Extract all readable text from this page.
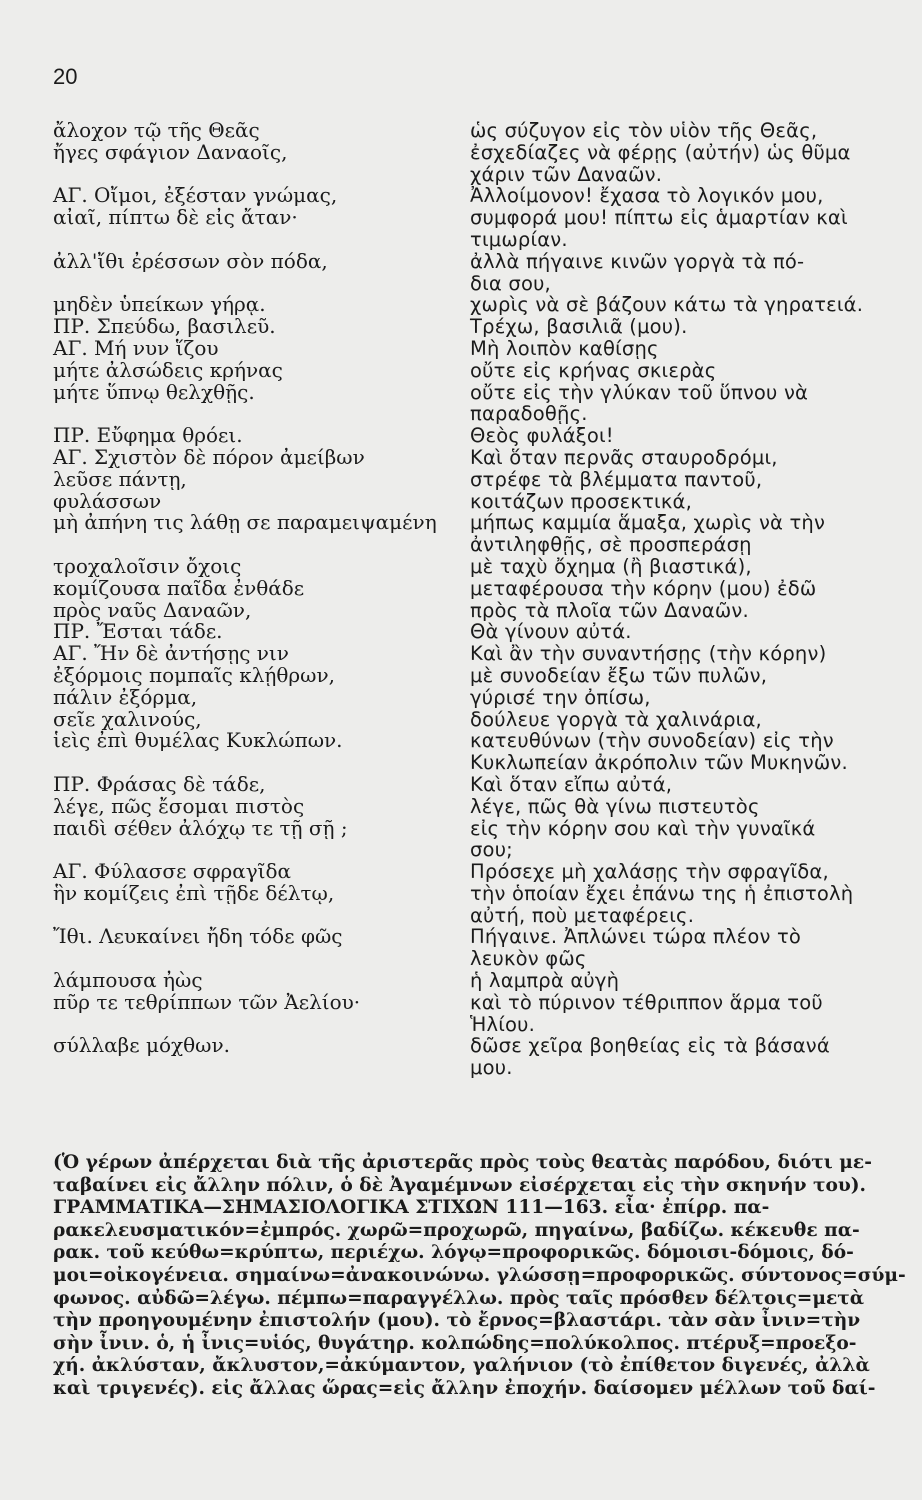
20
ἄλοχον τῷ τῆς Θεᾶς
ἤγες σφάγιον Δαναοῖς,
ΑΓ. Οἴμοι, ἐξέσταν γνώμας,
αἰαῖ, πίπτω δὲ εἰς ἄταν·
ἀλλ'ἴθι ἐρέσσων σὸν πόδα,
μηδὲν ὑπείκων γήρᾳ.
ΠΡ. Σπεύδω, βασιλεῦ.
ΑΓ. Μή νυν ἵζου
μήτε ἀλσώδεις κρήνας
μήτε ὕπνῳ θελχθῇς.
ΠΡ. Εὔφημα θρόει.
ΑΓ. Σχιστὸν δὲ πόρον ἀμείβων
λεῦσε πάντῃ,
φυλάσσων
μὴ ἀπήνη τις λάθῃ σε παραμειψαμένη
τροχαλοῖσιν ὄχοις
κομίζουσα παῖδα ἐνθάδε
πρὸς ναῦς Δαναῶν,
ΠΡ. Ἔσται τάδε.
ΑΓ. Ἤν δὲ ἀντήσῃς νιν
ἐξόρμοις πομπαῖς κλῄθρων,
πάλιν ἐξόρμα,
σεῖε χαλινούς,
ἱεὶς ἐπὶ θυμέλας Κυκλώπων.
ΠΡ. Φράσας δὲ τάδε,
λέγε, πῶς ἔσομαι πιστὸς
παιδὶ σέθεν ἀλόχῳ τε τῇ σῇ ;
ΑΓ. Φύλασσε σφραγῖδα
ἣν κομίζεις ἐπὶ τῇδε δέλτῳ,
Ἴθι. Λευκαίνει ἤδη τόδε φῶς
λάμπουσα ἠὼς
πῦρ τε τεθρίππων τῶν Ἀελίου·
σύλλαβε μόχθων.
ὡς σύζυγον εἰς τὸν υἱὸν τῆς Θεᾶς,
ἐσχεδίαζες νὰ φέρῃς (αὐτήν) ὡς θῦμα
χάριν τῶν Δαναῶν.
Ἀλλοίμονον! ἔχασα τὸ λογικόν μου,
συμφορά μου! πίπτω εἰς ἁμαρτίαν καὶ
τιμωρίαν.
ἀλλὰ πήγαινε κινῶν γοργὰ τὰ πό-
δια σου,
χωρὶς νὰ σὲ βάζουν κάτω τὰ γηρατειά.
Τρέχω, βασιλιᾶ (μου).
Μὴ λοιπὸν καθίσῃς
οὔτε εἰς κρήνας σκιερὰς
οὔτε εἰς τὴν γλύκαν τοῦ ὕπνου νὰ
παραδοθῇς.
Θεὸς φυλάξοι!
Καὶ ὅταν περνᾶς σταυροδρόμι,
στρέφε τὰ βλέμματα παντοῦ,
κοιτάζων προσεκτικά,
μήπως καμμία ἅμαξα, χωρὶς νὰ τὴν
ἀντιληφθῇς, σὲ προσπεράσῃ
μὲ ταχὺ ὄχημα (ἢ βιαστικά),
μεταφέρουσα τὴν κόρην (μου) ἐδῶ
πρὸς τὰ πλοῖα τῶν Δαναῶν.
Θὰ γίνουν αὐτά.
Καὶ ἂν τὴν συναντήσῃς (τὴν κόρην)
μὲ συνοδείαν ἔξω τῶν πυλῶν,
γύρισέ την ὀπίσω,
δούλευε γοργὰ τὰ χαλινάρια,
κατευθύνων (τὴν συνοδείαν) εἰς τὴν
Κυκλωπείαν ἀκρόπολιν τῶν Μυκηνῶν.
Καὶ ὅταν εἴπω αὐτά,
λέγε, πῶς θὰ γίνω πιστευτὸς
εἰς τὴν κόρην σου καὶ τὴν γυναῖκά
σου;
Πρόσεχε μὴ χαλάσῃς τὴν σφραγῖδα,
τὴν ὁποίαν ἔχει ἐπάνω της ἡ ἐπιστολὴ
αὐτή, ποὺ μεταφέρεις.
Πήγαινε. Ἀπλώνει τώρα πλέον τὸ
λευκὸν φῶς
ἡ λαμπρὰ αὐγὴ
καὶ τὸ πύρινον τέθριππον ἅρμα τοῦ
Ἡλίου.
δῶσε χεῖρα βοηθείας εἰς τὰ βάσανά
μου.
(Ὁ γέρων ἀπέρχεται διὰ τῆς ἀριστερᾶς πρὸς τοὺς θεατὰς παρόδου, διότι με-
ταβαίνει εἰς ἄλλην πόλιν, ὁ δὲ Ἀγαμέμνων εἰσέρχεται εἰς τὴν σκηνήν του).
ΓΡΑΜΜΑΤΙΚΑ—ΣΗΜΑΣΙΟΛΟΓΙΚΑ ΣΤΙΧΩΝ 111—163. εἶα· ἐπίρρ. πα-
ρακελευσματικόν=ἐμπρός. χωρῶ=προχωρῶ, πηγαίνω, βαδίζω. κέκευθε πα-
ρακ. τοῦ κεύθω=κρύπτω, περιέχω. λόγῳ=προφορικῶς. δόμοισι-δόμοις, δό-
μοι=οἰκογένεια. σημαίνω=ἀνακοινώνω. γλώσσῃ=προφορικῶς. σύντονος=σύμ-
φωνος. αὐδῶ=λέγω. πέμπω=παραγγέλλω. πρὸς ταῖς πρόσθεν δέλτοις=μετὰ
τὴν προηγουμένην ἐπιστολήν (μου). τὸ ἔρνος=βλαστάρι. τὰν σὰν ἶνιν=τὴν
σὴν ἶνιν. ὁ, ἡ ἶνις=υἱός, θυγάτηρ. κολπώδης=πολύκολπος. πτέρυξ=προεξο-
χή. ἀκλύσταν, ἄκλυστον,=ἀκύμαντον, γαλήνιον (τὸ ἐπίθετον διγενές, ἀλλὰ
καὶ τριγενές). εἰς ἄλλας ὥρας=εἰς ἄλλην ἐποχήν. δαίσομεν μέλλων τοῦ δαί-
